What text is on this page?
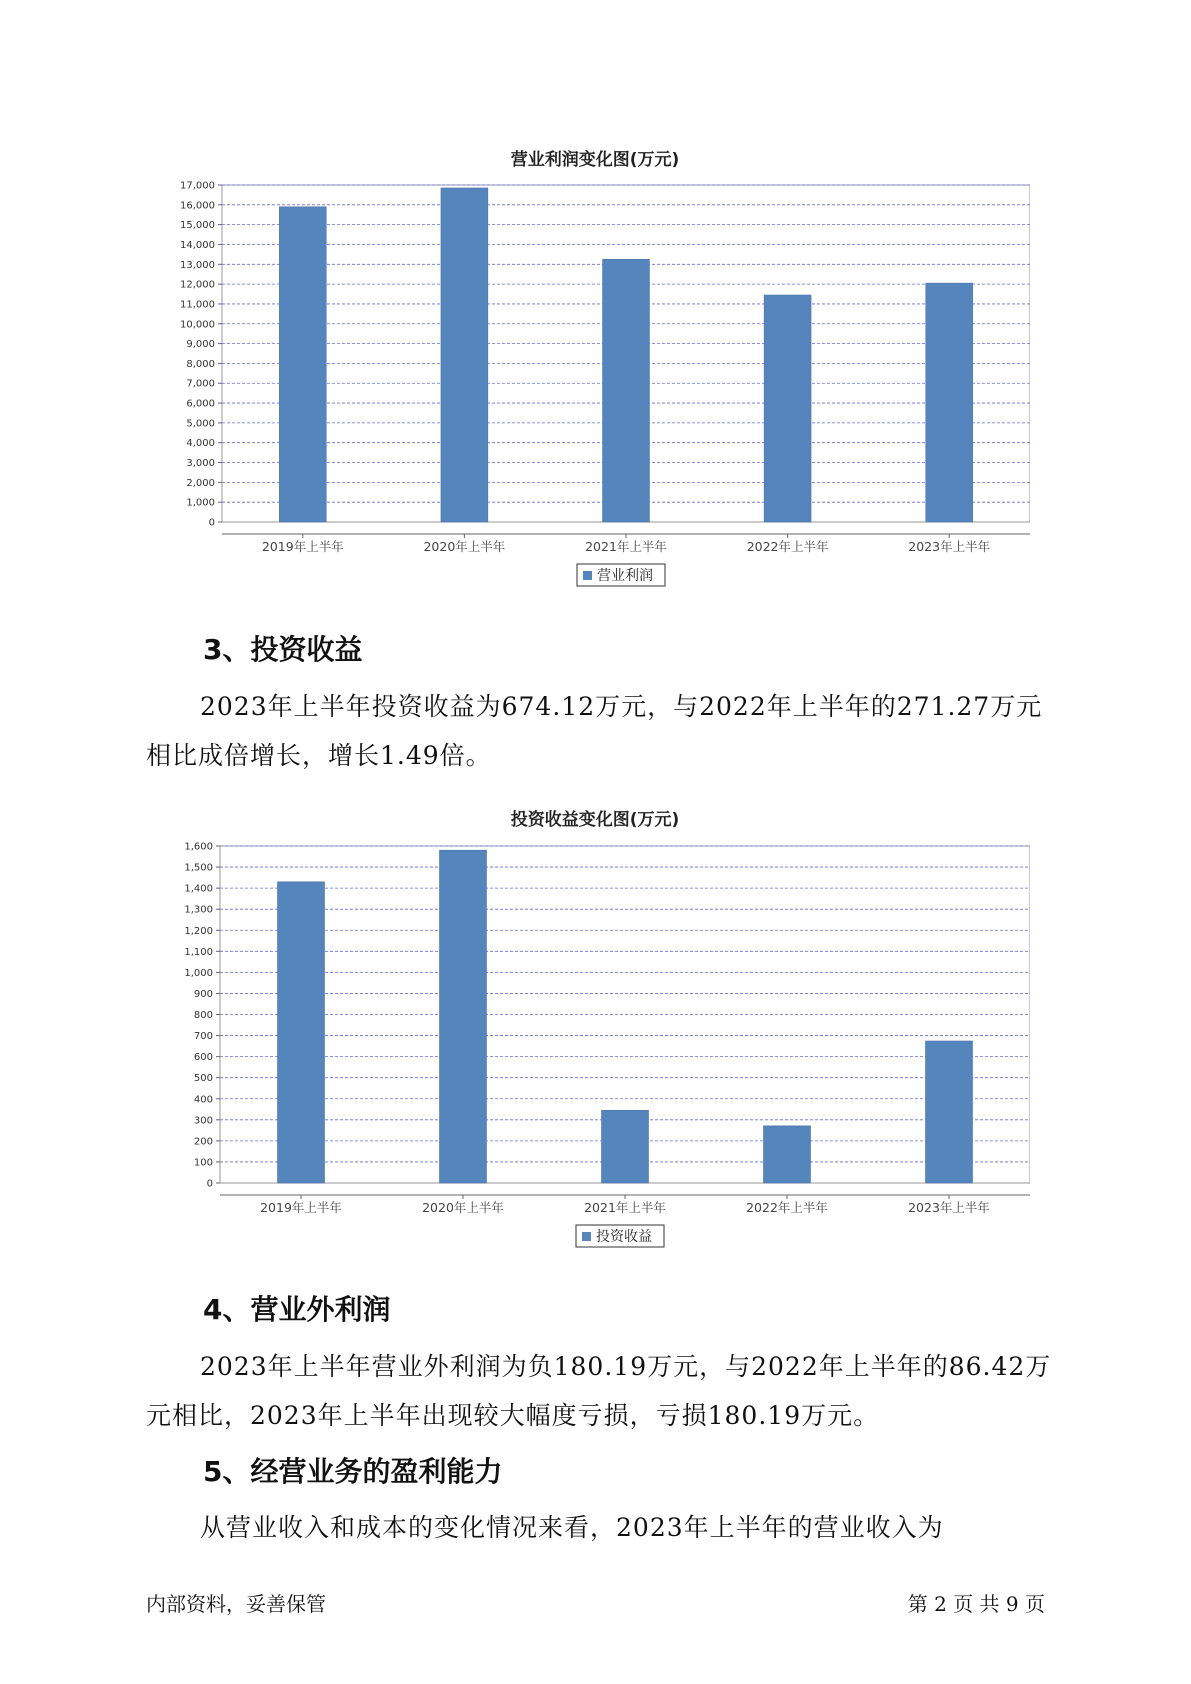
营业利润变化图(万元)
0
1,000
2,000
3,000
4,000
5,000
6,000
7,000
8,000
9,000
10,000
11,000
12,000
13,000
14,000
15,000
16,000
17,000
2019年上半年	2020年上半年	2021年上半年	2022年上半年	2023年上半年
营业利润
3、投资收益

2023年上半年投资收益为674.12万元，与2022年上半年的271.27万元
相比成倍增长，增长1.49倍。

投资收益变化图(万元)
0
100
200
300
400
500
600
700
800
900
1,000
1,100
1,200
1,300
1,400
1,500
1,600
2019年上半年	2020年上半年	2021年上半年	2022年上半年	2023年上半年
投资收益
4、营业外利润

2023年上半年营业外利润为负180.19万元，与2022年上半年的86.42万
元相比，2023年上半年出现较大幅度亏损，亏损180.19万元。

5、经营业务的盈利能力

从营业收入和成本的变化情况来看，2023年上半年的营业收入为

内部资料，妥善保管	第 2 页 共 9 页
